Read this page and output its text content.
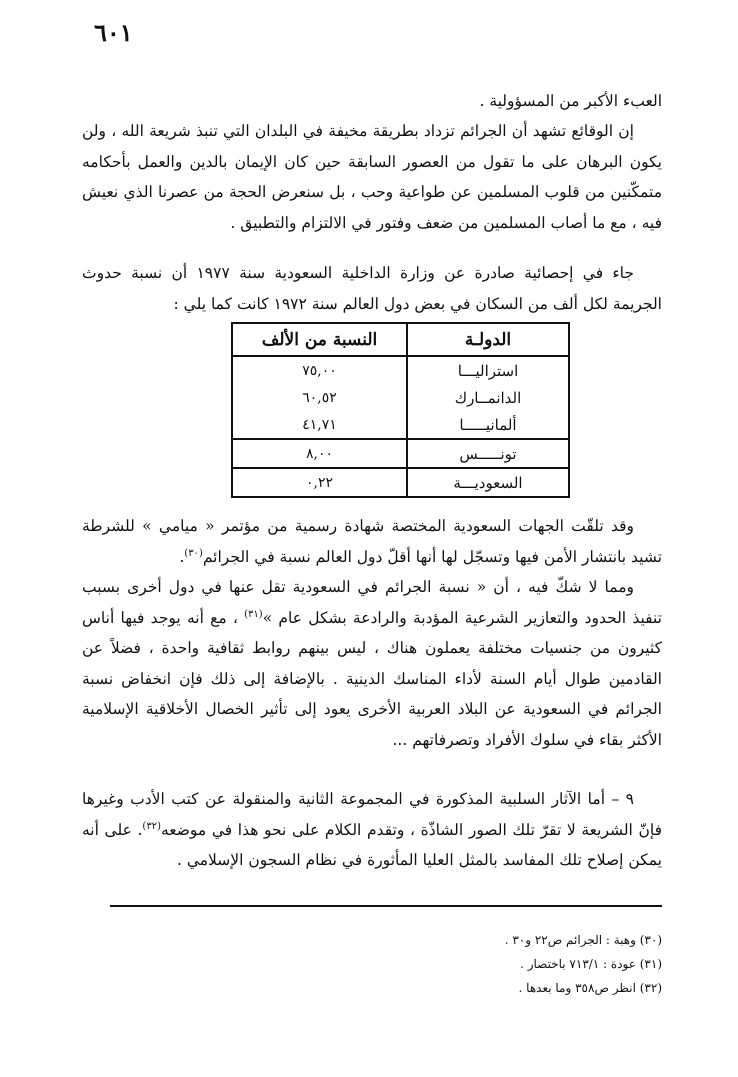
٦٠١

العبء الأكبر من المسؤولية .

إن الوقائع تشهد أن الجرائم تزداد بطريقة مخيفة في البلدان التي تنبذ شريعة الله ، ولن يكون البرهان على ما تقول من العصور السابقة حين كان الإيمان بالدين والعمل بأحكامه متمكّنين من قلوب المسلمين عن طواعية وحب ، بل سنعرض الحجة من عصرنا الذي نعيش فيه ، مع ما أصاب المسلمين من ضعف وفتور في الالتزام والتطبيق .

جاء في إحصائية صادرة عن وزارة الداخلية السعودية سنة ١٩٧٧ أن نسبة حدوث الجريمة لكل ألف من السكان في بعض دول العالم سنة ١٩٧٢ كانت كما يلي :

الدولـة	النسبة من الألف
استراليـــا	٧٥,٠٠
الدانمــارك	٦٠,٥٢
ألمانيـــــا	٤١,٧١
تونـــــس	٨,٠٠
السعوديـــة	٠,٢٢

وقد تلقّت الجهات السعودية المختصة شهادة رسمية من مؤتمر « ميامي » للشرطة تشيد بانتشار الأمن فيها وتسجّل لها أنها أقلّ دول العالم نسبة في الجرائم$^{(٣٠)}$.

ومما لا شكّ فيه ، أن « نسبة الجرائم في السعودية تقل عنها في دول أخرى بسبب تنفيذ الحدود والتعازير الشرعية المؤدبة والرادعة بشكل عام »$^{(٣١)}$ ، مع أنه يوجد فيها أناس كثيرون من جنسيات مختلفة يعملون هناك ، ليس بينهم روابط ثقافية واحدة ، فضلاً عن القادمين طوال أيام السنة لأداء المناسك الدينية . بالإضافة إلى ذلك فإن انخفاض نسبة الجرائم في السعودية عن البلاد العربية الأخرى يعود إلى تأثير الخصال الأخلاقية الإسلامية الأكثر بقاء في سلوك الأفراد وتصرفاتهم ...

٩ – أما الآثار السلبية المذكورة في المجموعة الثانية والمنقولة عن كتب الأدب وغيرها فإنّ الشريعة لا تقرّ تلك الصور الشاذّة ، وتقدم الكلام على نحو هذا في موضعه$^{(٣٢)}$. على أنه يمكن إصلاح تلك المفاسد بالمثل العليا المأثورة في نظام السجون الإسلامي .

(٣٠) وهبة : الجرائم ص٢٢ و٣٠ .
(٣١) عودة : ٧١٣/١ باختصار .
(٣٢) انظر ص٣٥٨ وما بعدها .
